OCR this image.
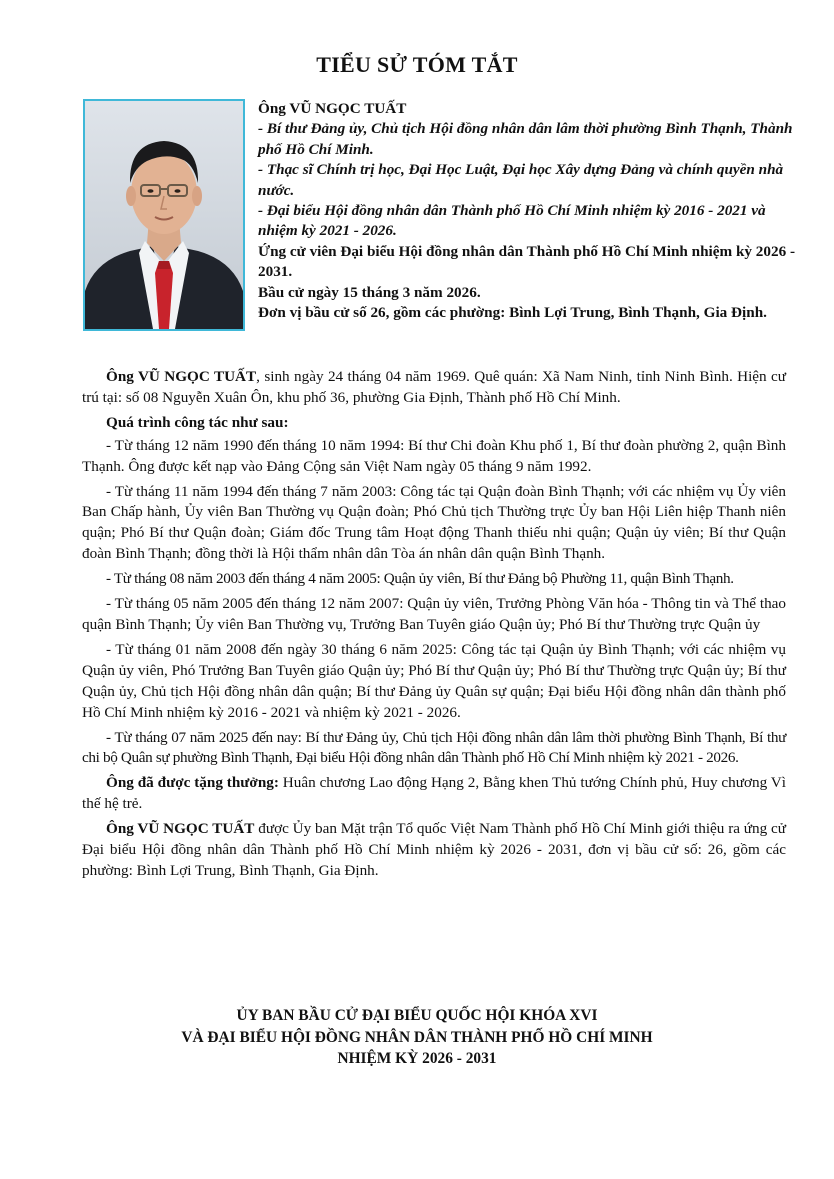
TIỂU SỬ TÓM TẮT
Ông VŨ NGỌC TUẤT
- Bí thư Đảng ủy, Chủ tịch Hội đồng nhân dân lâm thời phường Bình Thạnh, Thành phố Hồ Chí Minh.
- Thạc sĩ Chính trị học, Đại Học Luật, Đại học Xây dựng Đảng và chính quyền nhà nước.
- Đại biểu Hội đồng nhân dân Thành phố Hồ Chí Minh nhiệm kỳ 2016 - 2021 và nhiệm kỳ 2021 - 2026.
Ứng cử viên Đại biểu Hội đồng nhân dân Thành phố Hồ Chí Minh nhiệm kỳ 2026 - 2031.
Bầu cử ngày 15 tháng 3 năm 2026.
Đơn vị bầu cử số 26, gồm các phường: Bình Lợi Trung, Bình Thạnh, Gia Định.

Ông VŨ NGỌC TUẤT, sinh ngày 24 tháng 04 năm 1969. Quê quán: Xã Nam Ninh, tỉnh Ninh Bình. Hiện cư trú tại: số 08 Nguyễn Xuân Ôn, khu phố 36, phường Gia Định, Thành phố Hồ Chí Minh.

Quá trình công tác như sau:

- Từ tháng 12 năm 1990 đến tháng 10 năm 1994: Bí thư Chi đoàn Khu phố 1, Bí thư đoàn phường 2, quận Bình Thạnh. Ông được kết nạp vào Đảng Cộng sản Việt Nam ngày 05 tháng 9 năm 1992.

- Từ tháng 11 năm 1994 đến tháng 7 năm 2003: Công tác tại Quận đoàn Bình Thạnh; với các nhiệm vụ Ủy viên Ban Chấp hành, Ủy viên Ban Thường vụ Quận đoàn; Phó Chủ tịch Thường trực Ủy ban Hội Liên hiệp Thanh niên quận; Phó Bí thư Quận đoàn; Giám đốc Trung tâm Hoạt động Thanh thiếu nhi quận; Quận ủy viên; Bí thư Quận đoàn Bình Thạnh; đồng thời là Hội thẩm nhân dân Tòa án nhân dân quận Bình Thạnh.

- Từ tháng 08 năm 2003 đến tháng 4 năm 2005: Quận ủy viên, Bí thư Đảng bộ Phường 11, quận Bình Thạnh.

- Từ tháng 05 năm 2005 đến tháng 12 năm 2007: Quận ủy viên, Trưởng Phòng Văn hóa - Thông tin và Thể thao quận Bình Thạnh; Ủy viên Ban Thường vụ, Trưởng Ban Tuyên giáo Quận ủy; Phó Bí thư Thường trực Quận ủy

- Từ tháng 01 năm 2008 đến ngày 30 tháng 6 năm 2025: Công tác tại Quận ủy Bình Thạnh; với các nhiệm vụ Quận ủy viên, Phó Trưởng Ban Tuyên giáo Quận ủy; Phó Bí thư Quận ủy; Phó Bí thư Thường trực Quận ủy; Bí thư Quận ủy, Chủ tịch Hội đồng nhân dân quận; Bí thư Đảng ủy Quân sự quận; Đại biểu Hội đồng nhân dân thành phố Hồ Chí Minh nhiệm kỳ 2016 - 2021 và nhiệm kỳ 2021 - 2026.

- Từ tháng 07 năm 2025 đến nay: Bí thư Đảng ủy, Chủ tịch Hội đồng nhân dân lâm thời phường Bình Thạnh, Bí thư chi bộ Quân sự phường Bình Thạnh, Đại biểu Hội đồng nhân dân Thành phố Hồ Chí Minh nhiệm kỳ 2021 - 2026.

Ông đã được tặng thưởng: Huân chương Lao động Hạng 2, Bằng khen Thủ tướng Chính phủ, Huy chương Vì thế hệ trẻ.

Ông VŨ NGỌC TUẤT được Ủy ban Mặt trận Tổ quốc Việt Nam Thành phố Hồ Chí Minh giới thiệu ra ứng cử Đại biểu Hội đồng nhân dân Thành phố Hồ Chí Minh nhiệm kỳ 2026 - 2031, đơn vị bầu cử số: 26, gồm các phường: Bình Lợi Trung, Bình Thạnh, Gia Định.

ỦY BAN BẦU CỬ ĐẠI BIỂU QUỐC HỘI KHÓA XVI
VÀ ĐẠI BIỂU HỘI ĐỒNG NHÂN DÂN THÀNH PHỐ HỒ CHÍ MINH
NHIỆM KỲ 2026 - 2031
